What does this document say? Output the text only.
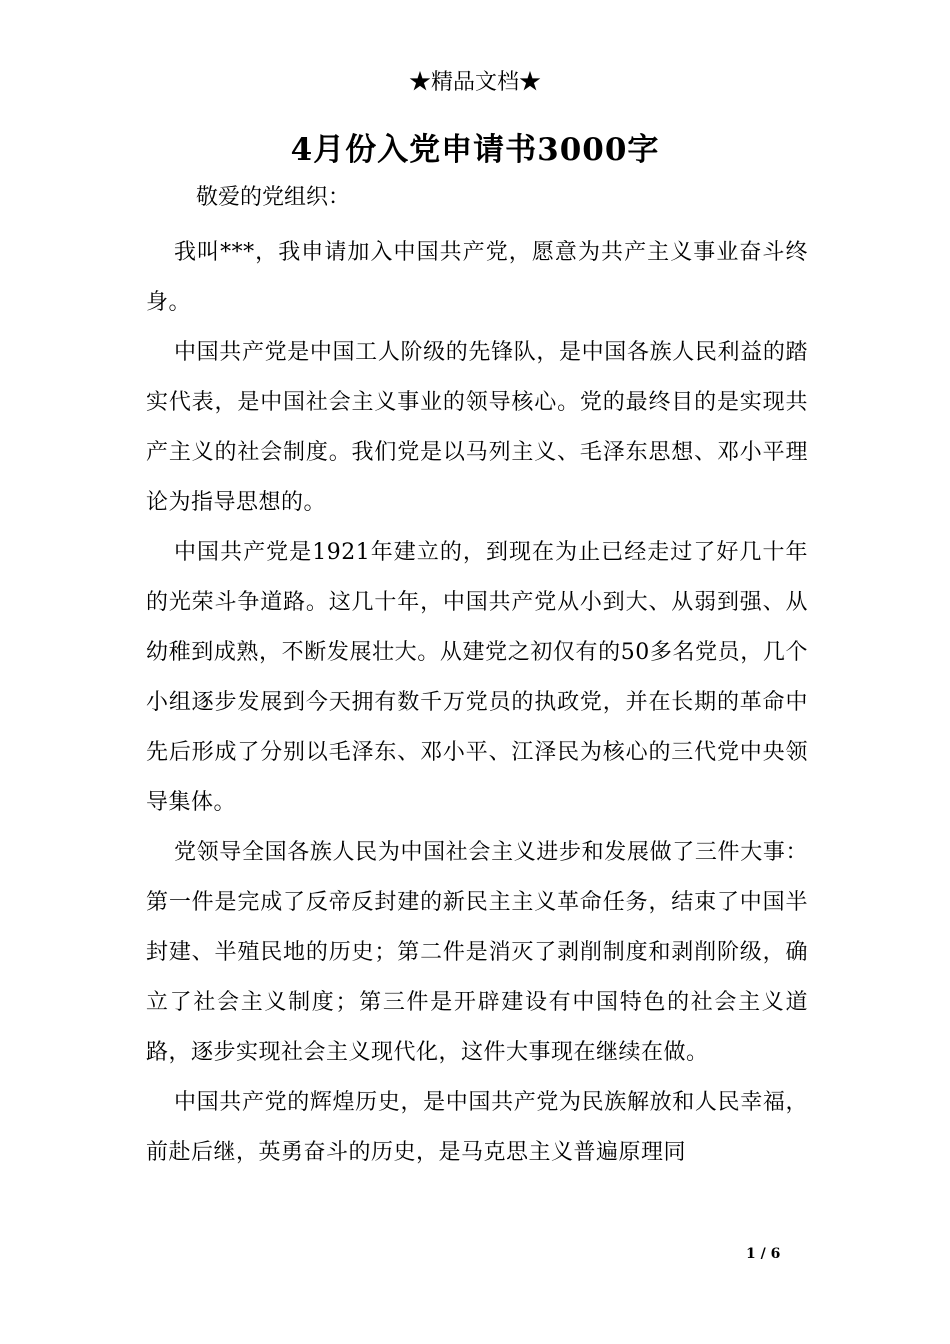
★精品文档★
4月份入党申请书3000字
敬爱的党组织：

我叫***，我申请加入中国共产党，愿意为共产主义事业奋斗终身。

中国共产党是中国工人阶级的先锋队，是中国各族人民利益的踏实代表，是中国社会主义事业的领导核心。党的最终目的是实现共产主义的社会制度。我们党是以马列主义、毛泽东思想、邓小平理论为指导思想的。

中国共产党是1921年建立的，到现在为止已经走过了好几十年的光荣斗争道路。这几十年，中国共产党从小到大、从弱到强、从幼稚到成熟，不断发展壮大。从建党之初仅有的50多名党员，几个小组逐步发展到今天拥有数千万党员的执政党，并在长期的革命中先后形成了分别以毛泽东、邓小平、江泽民为核心的三代党中央领导集体。

党领导全国各族人民为中国社会主义进步和发展做了三件大事：第一件是完成了反帝反封建的新民主主义革命任务，结束了中国半封建、半殖民地的历史；第二件是消灭了剥削制度和剥削阶级，确立了社会主义制度；第三件是开辟建设有中国特色的社会主义道路，逐步实现社会主义现代化，这件大事现在继续在做。

中国共产党的辉煌历史，是中国共产党为民族解放和人民幸福，前赴后继，英勇奋斗的历史，是马克思主义普遍原理同

1 / 6
